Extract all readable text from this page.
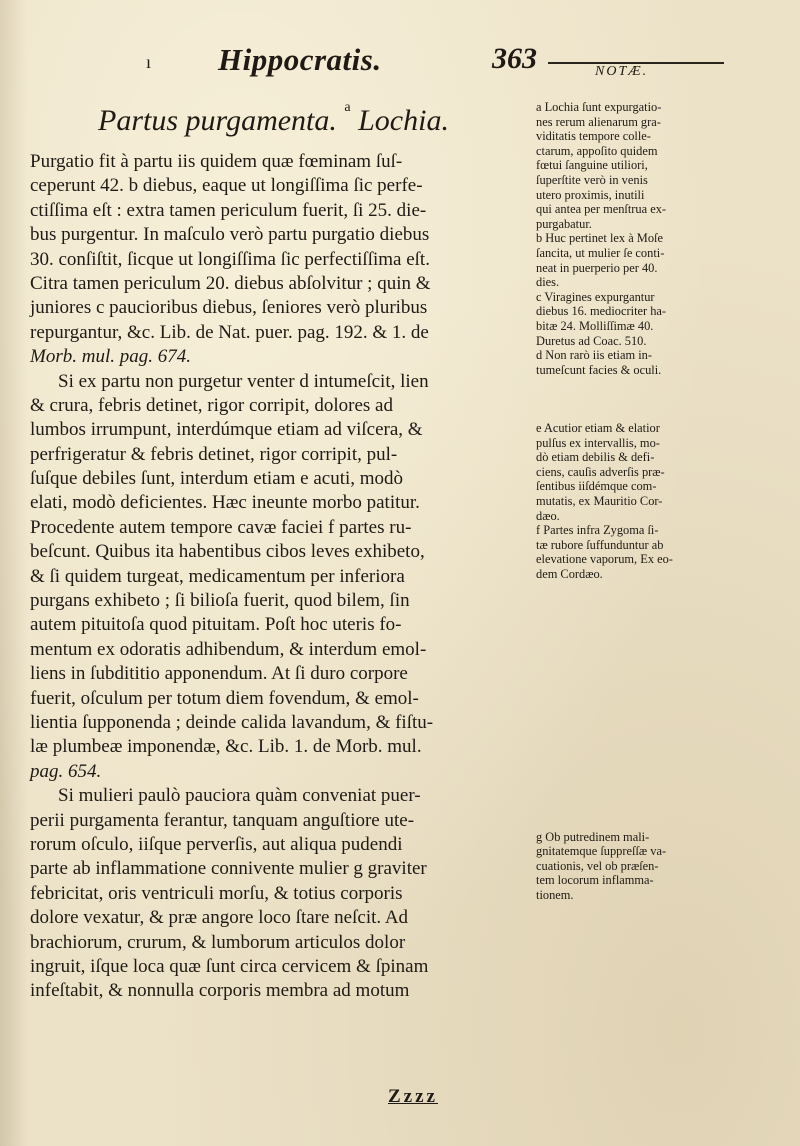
ı Hippocratis.	363	NOTÆ.
Partus purgamenta. $^a$ Lochia.
Purgatio fit à partu iis quidem quæ fœminam ſuſ-
ceperunt 42. b diebus, eaque ut longiſſima ſic perfe-
ctiſſima eſt : extra tamen periculum fuerit, ſi 25. die-
bus purgentur. In maſculo verò partu purgatio diebus
30. conſiſtit, ſicque ut longiſſima ſic perfectiſſima eſt.
Citra tamen periculum 20. diebus abſolvitur ; quin &
juniores c paucioribus diebus, ſeniores verò pluribus
repurgantur, &c. Lib. de Nat. puer. pag. 192. & 1. de
Morb. mul. pag. 674.
Si ex partu non purgetur venter d intumeſcit, lien
& crura, febris detinet, rigor corripit, dolores ad
lumbos irrumpunt, interdúmque etiam ad viſcera, &
perfrigeratur & febris detinet, rigor corripit, pul-
ſuſque debiles ſunt, interdum etiam e acuti, modò
elati, modò deficientes. Hæc ineunte morbo patitur.
Procedente autem tempore cavæ faciei f partes ru-
beſcunt. Quibus ita habentibus cibos leves exhibeto,
& ſi quidem turgeat, medicamentum per inferiora
purgans exhibeto ; ſi bilioſa fuerit, quod bilem, ſin
autem pituitoſa quod pituitam. Poſt hoc uteris fo-
mentum ex odoratis adhibendum, & interdum emol-
liens in ſubdititio apponendum. At ſi duro corpore
fuerit, oſculum per totum diem fovendum, & emol-
lientia ſupponenda ; deinde calida lavandum, & fiſtu-
læ plumbeæ imponendæ, &c. Lib. 1. de Morb. mul.
pag. 654.
Si mulieri paulò pauciora quàm conveniat puer-
perii purgamenta ferantur, tanquam anguſtiore ute-
rorum oſculo, iiſque perverſis, aut aliqua pudendi
parte ab inflammatione connivente mulier g graviter
febricitat, oris ventriculi morſu, & totius corporis
dolore vexatur, & præ angore loco ſtare neſcit. Ad
brachiorum, crurum, & lumborum articulos dolor
ingruit, iſque loca quæ ſunt circa cervicem & ſpinam
infeſtabit, & nonnulla corporis membra ad motum
a Lochia ſunt expurgatio-
nes rerum alienarum gra-
viditatis tempore colle-
ctarum, appoſito quidem
fœtui ſanguine utiliori,
ſuperſtite verò in venis
utero proximis, inutili
qui antea per menſtrua ex-
purgabatur.
b Huc pertinet lex à Moſe
ſancita, ut mulier ſe conti-
neat in puerperio per 40.
dies.
c Viragines expurgantur
diebus 16. mediocriter ha-
bitæ 24. Molliſſimæ 40.
Duretus ad Coac. 510.
d Non rarò iis etiam in-
tumeſcunt facies & oculi.
e Acutior etiam & elatior
pulſus ex intervallis, mo-
dò etiam debilis & defi-
ciens, cauſis adverſis præ-
ſentibus iiſdémque com-
mutatis, ex Mauritio Cor-
dæo.
f Partes infra Zygoma ſi-
tæ rubore ſuffunduntur ab
elevatione vaporum, Ex eo-
dem Cordæo.
g Ob putredinem mali-
gnitatemque ſuppreſſæ va-
cuationis, vel ob præſen-
tem locorum inflamma-
tionem.
Zzzz
